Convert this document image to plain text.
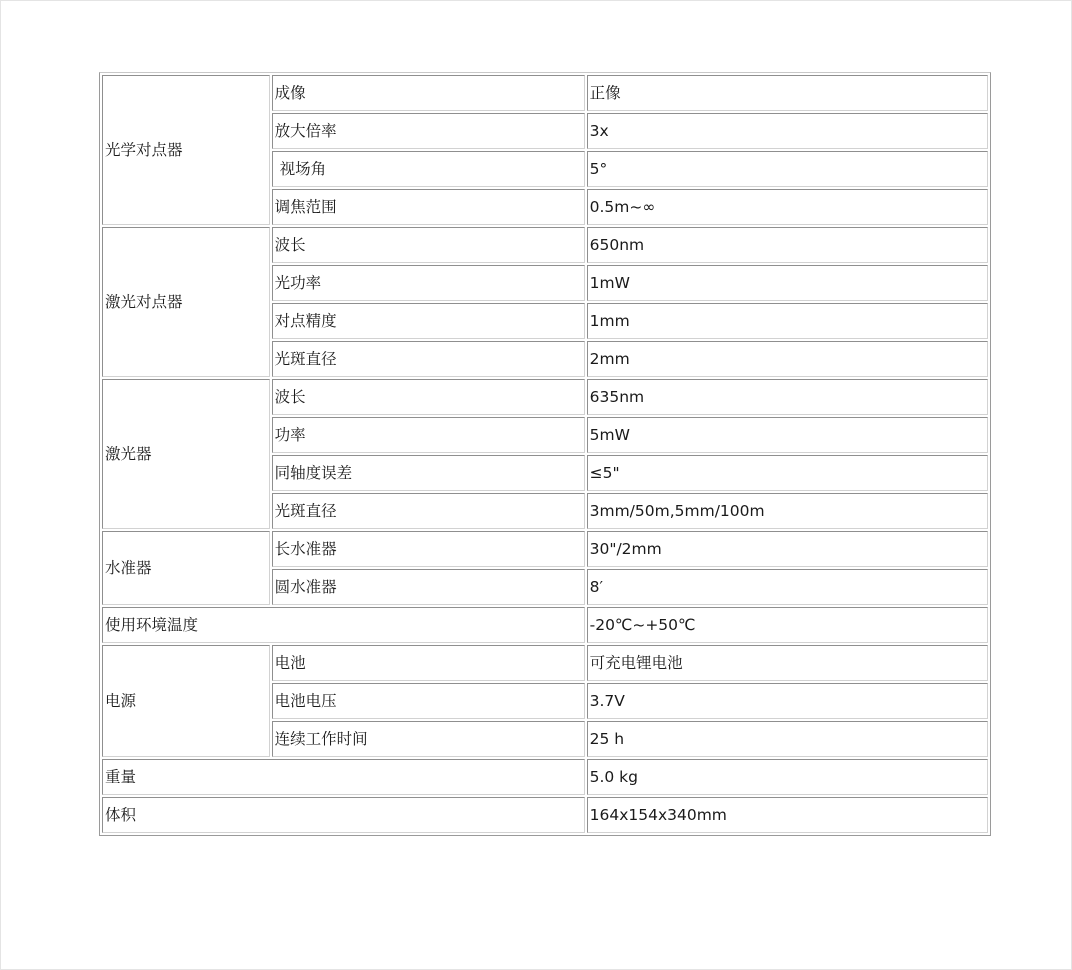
光学对点器	成像	正像
	放大倍率	3x
	视场角	5°
	调焦范围	0.5m~∞
激光对点器	波长	650nm
	光功率	1mW
	对点精度	1mm
	光斑直径	2mm
激光器	波长	635nm
	功率	5mW
	同轴度误差	≤5"
	光斑直径	3mm/50m,5mm/100m
水准器	长水准器	30"/2mm
	圆水准器	8′
使用环境温度		-20℃~+50℃
电源	电池	可充电锂电池
	电池电压	3.7V
	连续工作时间	25 h
重量		5.0 kg
体积		164x154x340mm
